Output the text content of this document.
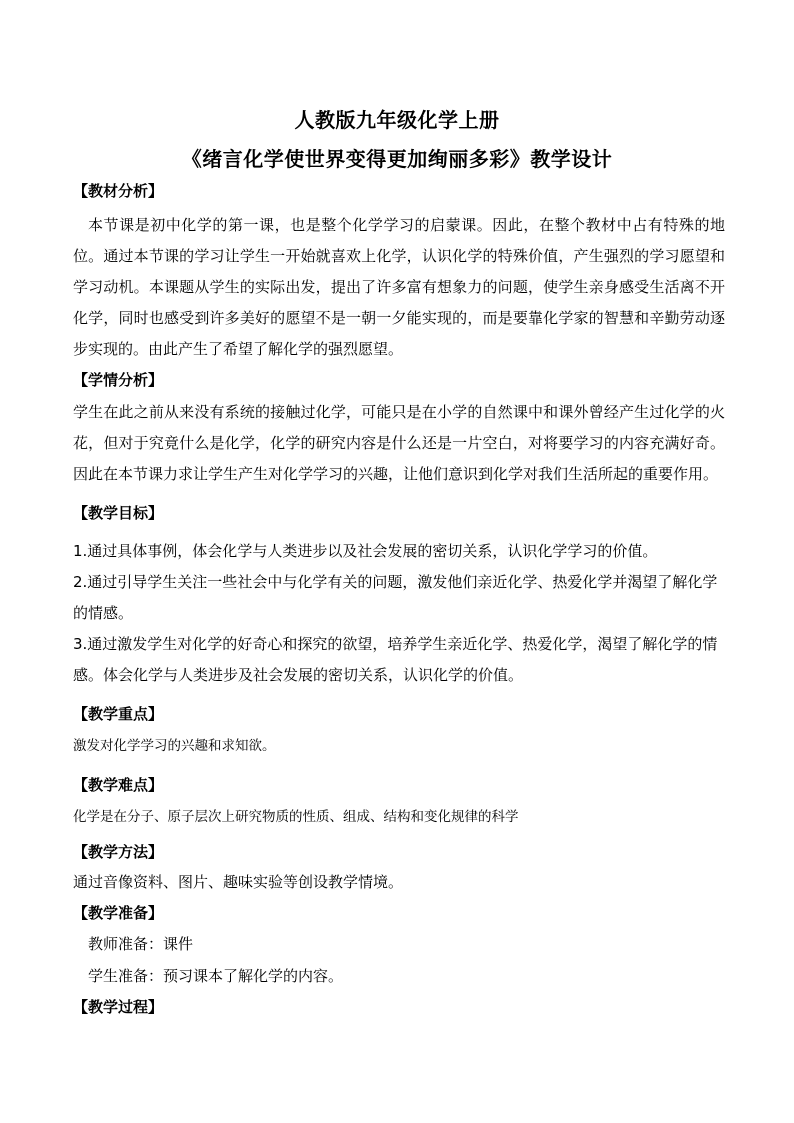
人教版九年级化学上册
《绪言化学使世界变得更加绚丽多彩》教学设计

【教材分析】

本节课是初中化学的第一课，也是整个化学学习的启蒙课。因此，在整个教材中占有特殊的地位。通过本节课的学习让学生一开始就喜欢上化学，认识化学的特殊价值，产生强烈的学习愿望和学习动机。本课题从学生的实际出发，提出了许多富有想象力的问题，使学生亲身感受生活离不开化学，同时也感受到许多美好的愿望不是一朝一夕能实现的，而是要靠化学家的智慧和辛勤劳动逐步实现的。由此产生了希望了解化学的强烈愿望。

【学情分析】

学生在此之前从来没有系统的接触过化学，可能只是在小学的自然课中和课外曾经产生过化学的火花，但对于究竟什么是化学，化学的研究内容是什么还是一片空白，对将要学习的内容充满好奇。因此在本节课力求让学生产生对化学学习的兴趣，让他们意识到化学对我们生活所起的重要作用。

【教学目标】

1.通过具体事例，体会化学与人类进步以及社会发展的密切关系，认识化学学习的价值。

2.通过引导学生关注一些社会中与化学有关的问题，激发他们亲近化学、热爱化学并渴望了解化学的情感。

3.通过激发学生对化学的好奇心和探究的欲望，培养学生亲近化学、热爱化学，渴望了解化学的情感。体会化学与人类进步及社会发展的密切关系，认识化学的价值。

【教学重点】

激发对化学学习的兴趣和求知欲。

【教学难点】

化学是在分子、原子层次上研究物质的性质、组成、结构和变化规律的科学

【教学方法】

通过音像资料、图片、趣味实验等创设教学情境。

【教学准备】

教师准备：课件

学生准备：预习课本了解化学的内容。

【教学过程】
